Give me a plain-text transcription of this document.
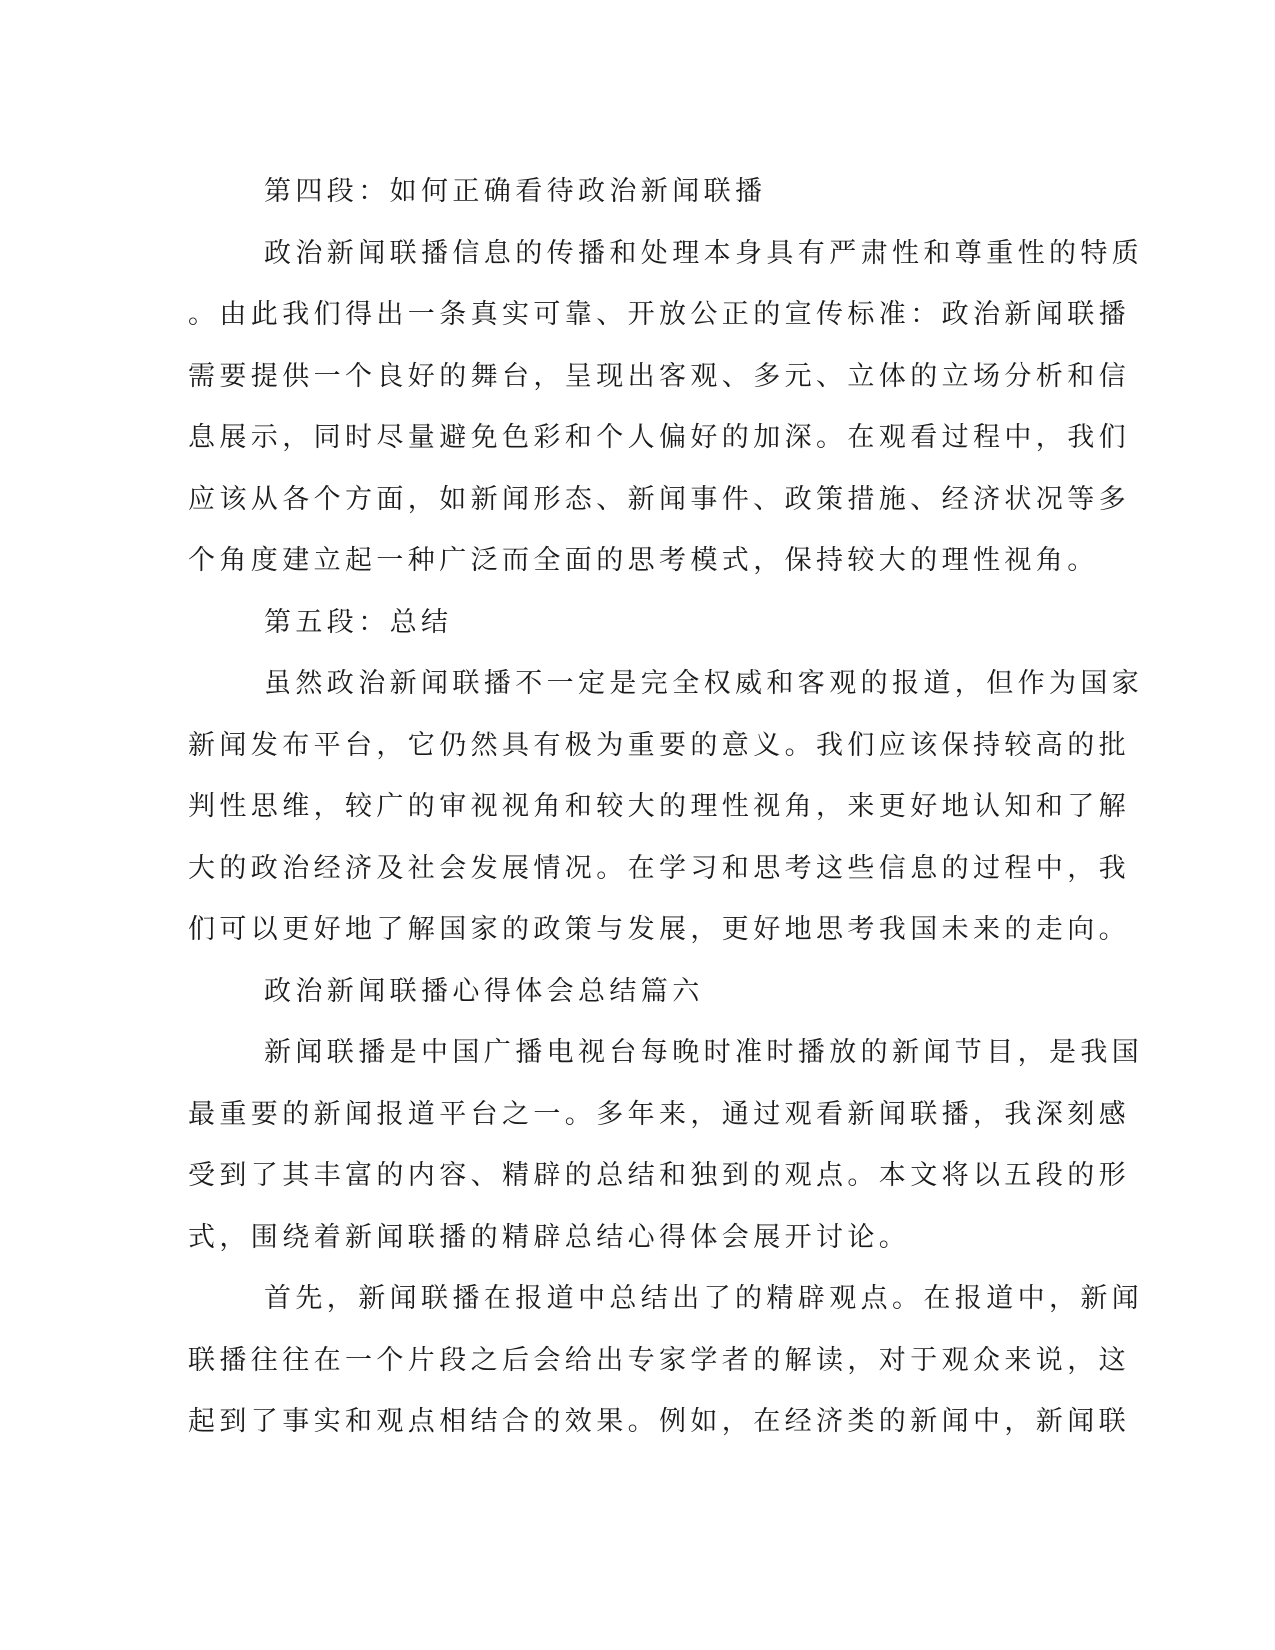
第四段：如何正确看待政治新闻联播
政治新闻联播信息的传播和处理本身具有严肃性和尊重性的特质
。由此我们得出一条真实可靠、开放公正的宣传标准：政治新闻联播
需要提供一个良好的舞台，呈现出客观、多元、立体的立场分析和信
息展示，同时尽量避免色彩和个人偏好的加深。在观看过程中，我们
应该从各个方面，如新闻形态、新闻事件、政策措施、经济状况等多
个角度建立起一种广泛而全面的思考模式，保持较大的理性视角。
第五段：总结
虽然政治新闻联播不一定是完全权威和客观的报道，但作为国家
新闻发布平台，它仍然具有极为重要的意义。我们应该保持较高的批
判性思维，较广的审视视角和较大的理性视角，来更好地认知和了解
大的政治经济及社会发展情况。在学习和思考这些信息的过程中，我
们可以更好地了解国家的政策与发展，更好地思考我国未来的走向。
政治新闻联播心得体会总结篇六
新闻联播是中国广播电视台每晚时准时播放的新闻节目，是我国
最重要的新闻报道平台之一。多年来，通过观看新闻联播，我深刻感
受到了其丰富的内容、精辟的总结和独到的观点。本文将以五段的形
式，围绕着新闻联播的精辟总结心得体会展开讨论。
首先，新闻联播在报道中总结出了的精辟观点。在报道中，新闻
联播往往在一个片段之后会给出专家学者的解读，对于观众来说，这
起到了事实和观点相结合的效果。例如，在经济类的新闻中，新闻联
